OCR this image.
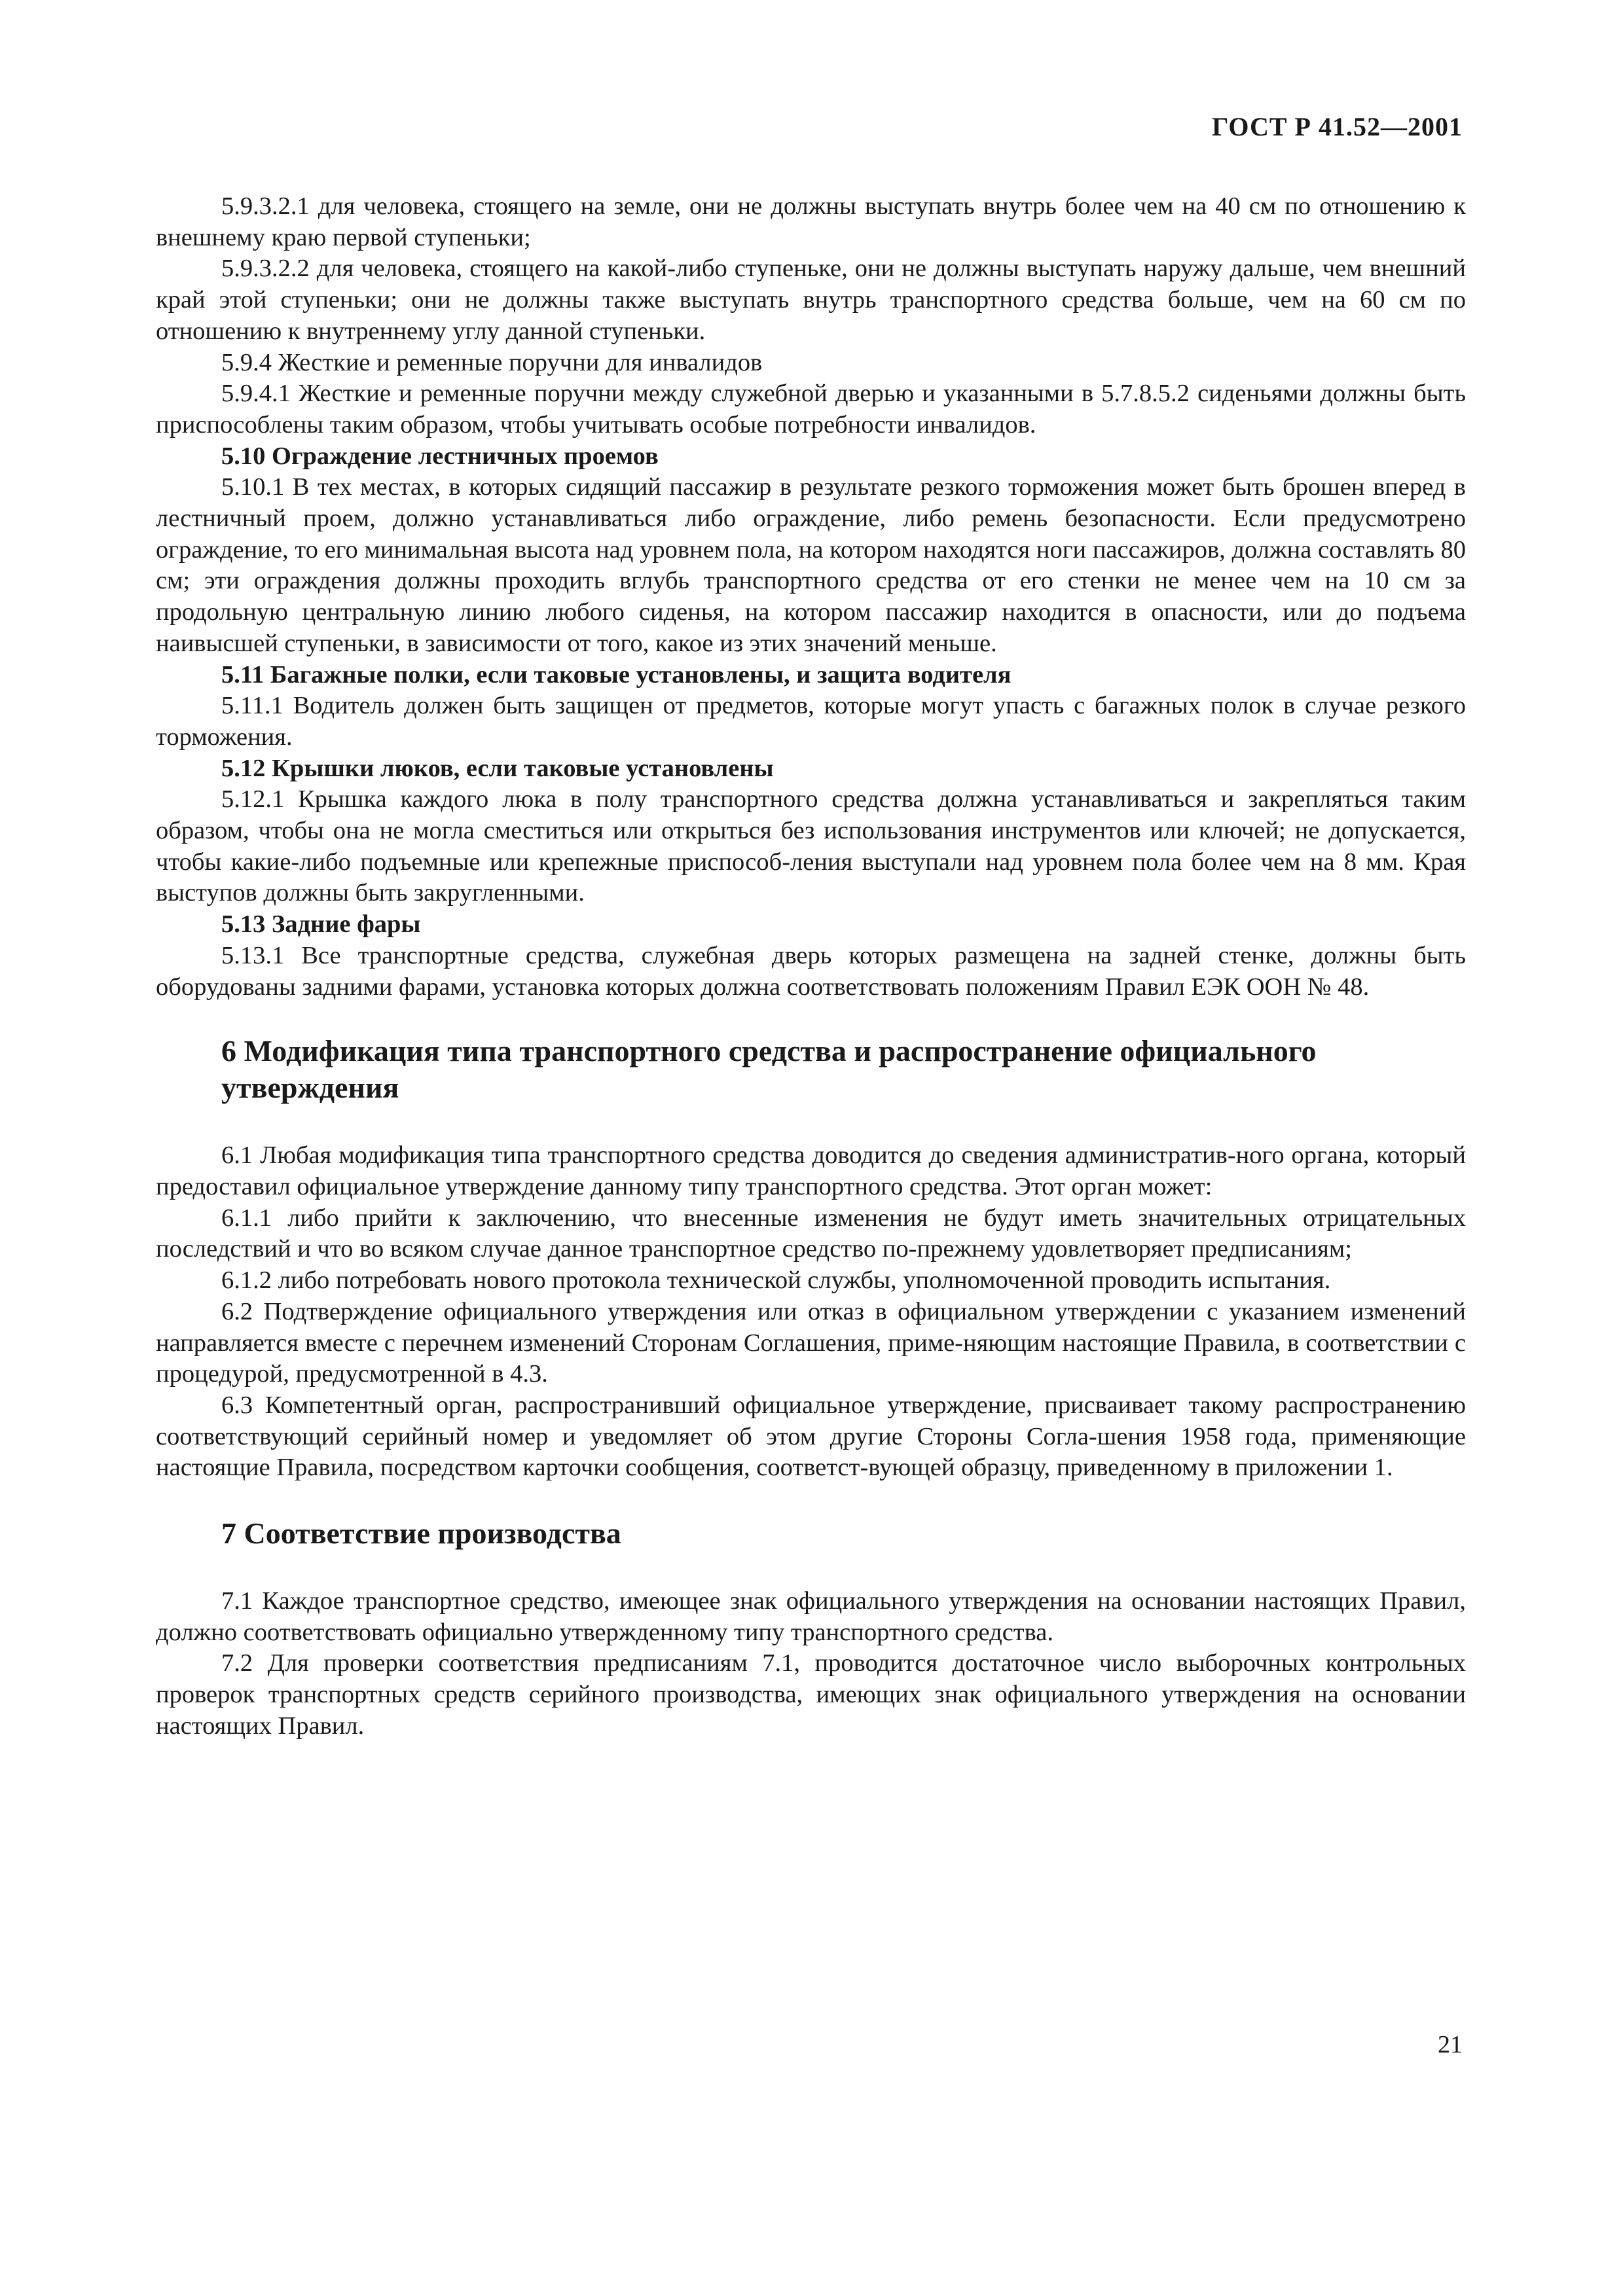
ГОСТ Р 41.52—2001

5.9.3.2.1 для человека, стоящего на земле, они не должны выступать внутрь более чем на 40 см по отношению к внешнему краю первой ступеньки;

5.9.3.2.2 для человека, стоящего на какой-либо ступеньке, они не должны выступать наружу дальше, чем внешний край этой ступеньки; они не должны также выступать внутрь транспортного средства больше, чем на 60 см по отношению к внутреннему углу данной ступеньки.

5.9.4 Жесткие и ременные поручни для инвалидов

5.9.4.1 Жесткие и ременные поручни между служебной дверью и указанными в 5.7.8.5.2 сиденьями должны быть приспособлены таким образом, чтобы учитывать особые потребности инвалидов.

5.10 Ограждение лестничных проемов

5.10.1 В тех местах, в которых сидящий пассажир в результате резкого торможения может быть брошен вперед в лестничный проем, должно устанавливаться либо ограждение, либо ремень безопасности. Если предусмотрено ограждение, то его минимальная высота над уровнем пола, на котором находятся ноги пассажиров, должна составлять 80 см; эти ограждения должны проходить вглубь транспортного средства от его стенки не менее чем на 10 см за продольную центральную линию любого сиденья, на котором пассажир находится в опасности, или до подъема наивысшей ступеньки, в зависимости от того, какое из этих значений меньше.

5.11 Багажные полки, если таковые установлены, и защита водителя

5.11.1 Водитель должен быть защищен от предметов, которые могут упасть с багажных полок в случае резкого торможения.

5.12 Крышки люков, если таковые установлены

5.12.1 Крышка каждого люка в полу транспортного средства должна устанавливаться и закрепляться таким образом, чтобы она не могла сместиться или открыться без использования инструментов или ключей; не допускается, чтобы какие-либо подъемные или крепежные приспособ-ления выступали над уровнем пола более чем на 8 мм. Края выступов должны быть закругленными.

5.13 Задние фары

5.13.1 Все транспортные средства, служебная дверь которых размещена на задней стенке, должны быть оборудованы задними фарами, установка которых должна соответствовать положениям Правил ЕЭК ООН № 48.

6 Модификация типа транспортного средства и распространение официального утверждения

6.1 Любая модификация типа транспортного средства доводится до сведения административ-ного органа, который предоставил официальное утверждение данному типу транспортного средства. Этот орган может:

6.1.1 либо прийти к заключению, что внесенные изменения не будут иметь значительных отрицательных последствий и что во всяком случае данное транспортное средство по-прежнему удовлетворяет предписаниям;

6.1.2 либо потребовать нового протокола технической службы, уполномоченной проводить испытания.

6.2 Подтверждение официального утверждения или отказ в официальном утверждении с указанием изменений направляется вместе с перечнем изменений Сторонам Соглашения, приме-няющим настоящие Правила, в соответствии с процедурой, предусмотренной в 4.3.

6.3 Компетентный орган, распространивший официальное утверждение, присваивает такому распространению соответствующий серийный номер и уведомляет об этом другие Стороны Согла-шения 1958 года, применяющие настоящие Правила, посредством карточки сообщения, соответст-вующей образцу, приведенному в приложении 1.

7 Соответствие производства

7.1 Каждое транспортное средство, имеющее знак официального утверждения на основании настоящих Правил, должно соответствовать официально утвержденному типу транспортного средства.

7.2 Для проверки соответствия предписаниям 7.1, проводится достаточное число выборочных контрольных проверок транспортных средств серийного производства, имеющих знак официального утверждения на основании настоящих Правил.

21
